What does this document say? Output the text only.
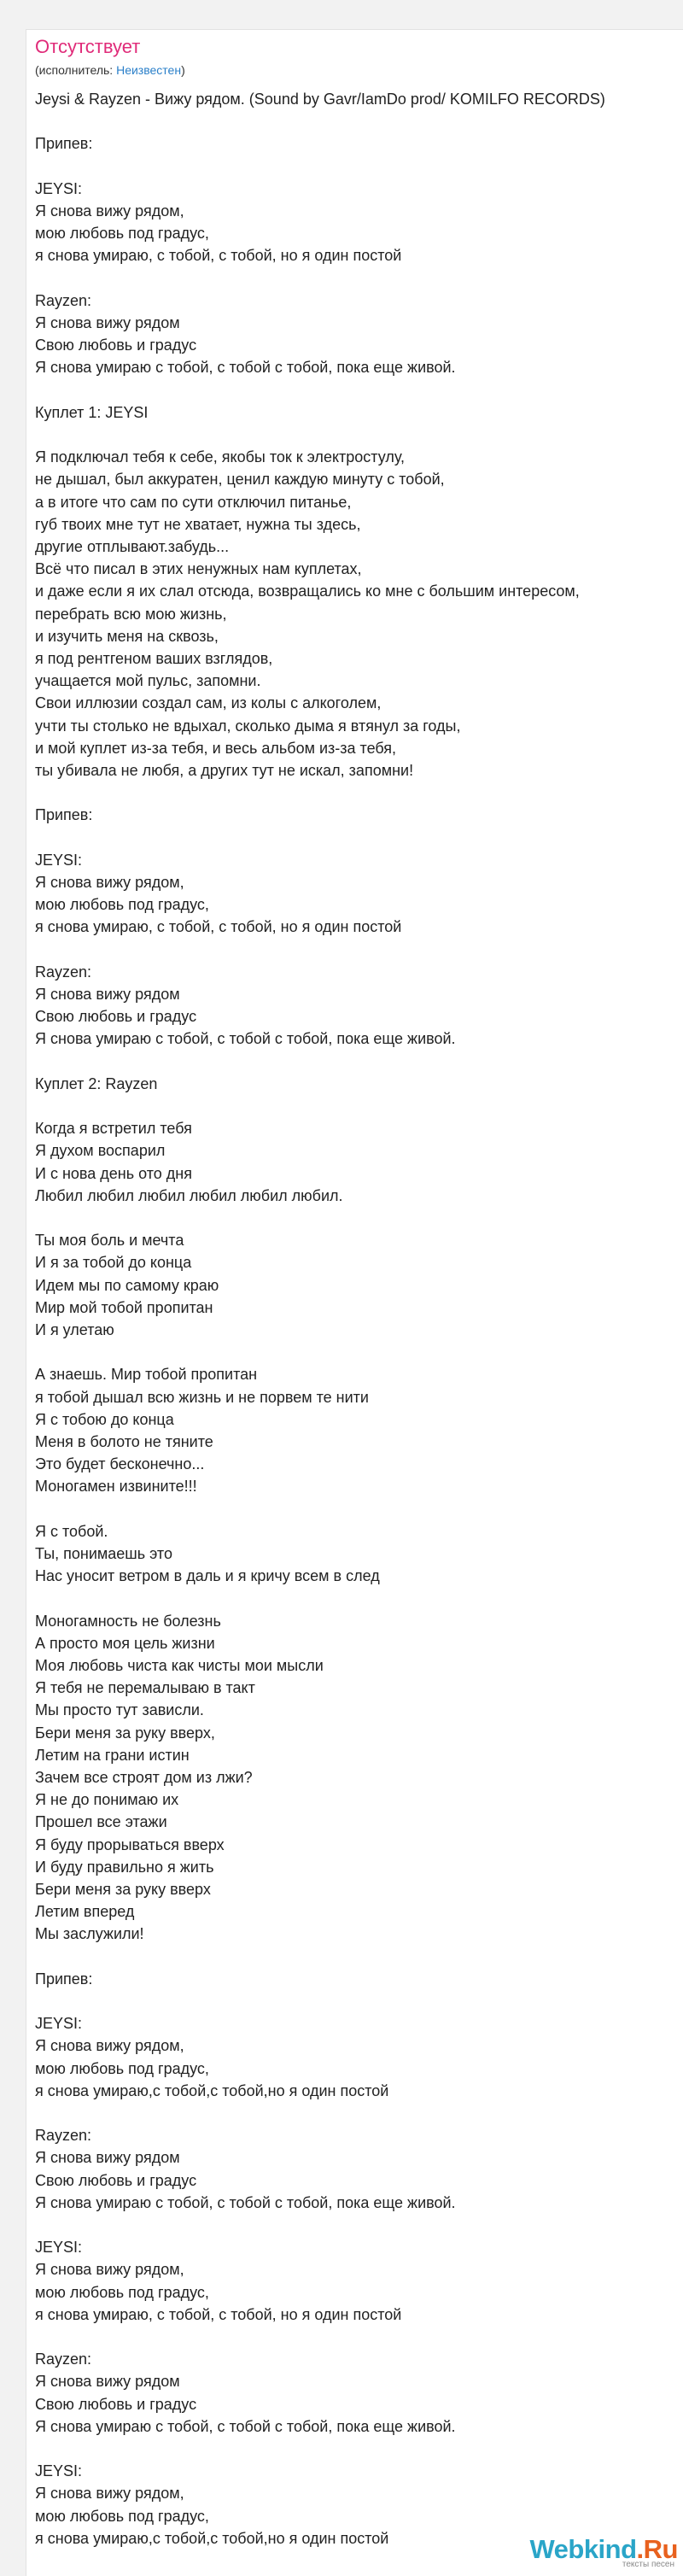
Отсутствует
(исполнитель: Неизвестен)
Jeysi & Rayzen - Вижу рядом. (Sound by Gavr/IamDo prod/ KOMILFO RECORDS)
Припев:
JEYSI:
Я снова вижу рядом,
мою любовь под градус,
я снова умираю, с тобой, с тобой, но я один постой
Rayzen:
Я снова вижу рядом
Свою любовь и градус
Я снова умираю с тобой, с тобой с тобой, пока еще живой.
Куплет 1: JEYSI
Я подключал тебя к себе, якобы ток к электростулу,
не дышал, был аккуратен, ценил каждую минуту с тобой,
а в итоге что сам по сути отключил питанье,
губ твоих мне тут не хватает, нужна ты здесь,
другие отплывают.забудь...
Всё что писал в этих ненужных нам куплетах,
и даже если я их слал отсюда, возвращались ко мне с большим интересом,
перебрать всю мою жизнь,
и изучить меня на сквозь,
я под рентгеном ваших взглядов,
учащается мой пульс, запомни.
Свои иллюзии создал сам, из колы с алкоголем,
учти ты столько не вдыхал, сколько дыма я втянул за годы,
и мой куплет из-за тебя, и весь альбом из-за тебя,
ты убивала не любя, а других тут не искал, запомни!
Припев:
JEYSI:
Я снова вижу рядом,
мою любовь под градус,
я снова умираю, с тобой, с тобой, но я один постой
Rayzen:
Я снова вижу рядом
Свою любовь и градус
Я снова умираю с тобой, с тобой с тобой, пока еще живой.
Куплет 2: Rayzen
Когда я встретил тебя
Я духом воспарил
И с нова день ото дня
Любил любил любил любил любил любил.
Ты моя боль и мечта
И я за тобой до конца
Идем мы по самому краю
Мир мой тобой пропитан
И я улетаю
А знаешь. Мир тобой пропитан
я тобой дышал всю жизнь и не порвем те нити
Я с тобою до конца
Меня в болото не тяните
Это будет бесконечно...
Моногамен извините!!!
Я с тобой.
Ты, понимаешь это
Нас уносит ветром в даль и я кричу всем в след
Моногамность не болезнь
А просто моя цель жизни
Моя любовь чиста как чисты мои мысли
Я тебя не перемалываю в такт
Мы просто тут зависли.
Бери меня за руку вверх,
Летим на грани истин
Зачем все строят дом из лжи?
Я не до понимаю их
Прошел все этажи
Я буду прорываться вверх
И буду правильно я жить
Бери меня за руку вверх
Летим вперед
Мы заслужили!
Припев:
JEYSI:
Я снова вижу рядом,
мою любовь под градус,
я снова умираю,с тобой,с тобой,но я один постой
Rayzen:
Я снова вижу рядом
Свою любовь и градус
Я снова умираю с тобой, с тобой с тобой, пока еще живой.
JEYSI:
Я снова вижу рядом,
мою любовь под градус,
я снова умираю, с тобой, с тобой, но я один постой
Rayzen:
Я снова вижу рядом
Свою любовь и градус
Я снова умираю с тобой, с тобой с тобой, пока еще живой.
JEYSI:
Я снова вижу рядом,
мою любовь под градус,
я снова умираю,с тобой,с тобой,но я один постой	Webkind.Ru
тексты песен
